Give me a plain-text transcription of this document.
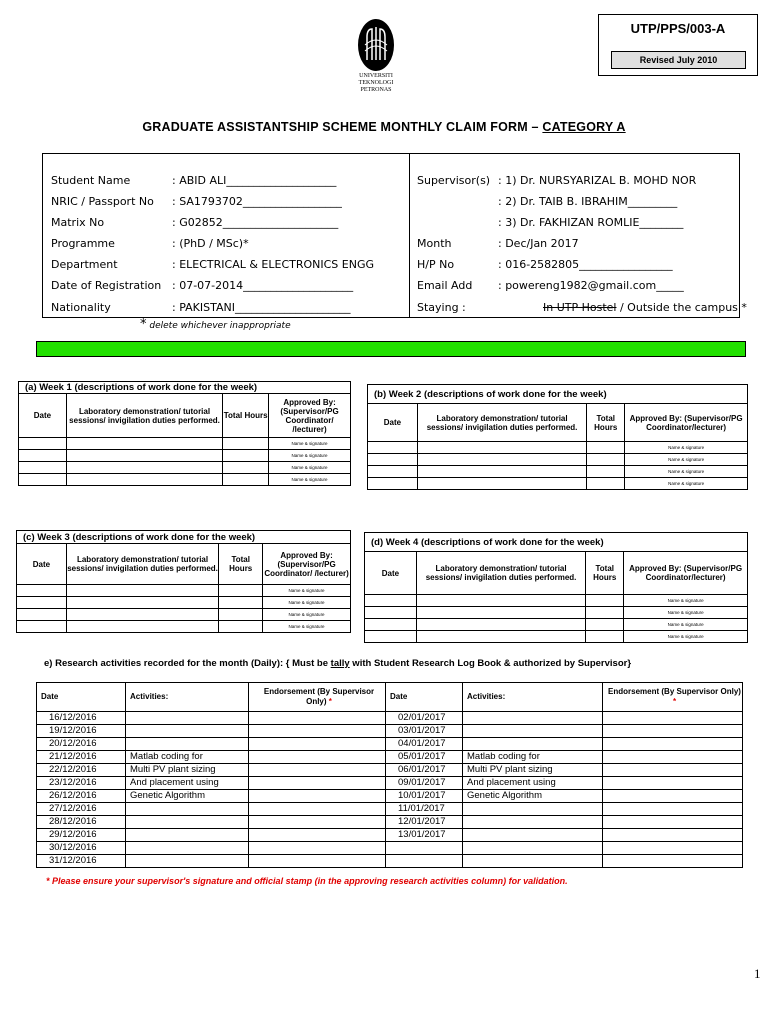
UNIVERSITI
TEKNOLOGI
PETRONAS
UTP/PPS/003-A
Revised July 2010
GRADUATE ASSISTANTSHIP SCHEME MONTHLY CLAIM FORM – CATEGORY A
Student Name	: ABID ALI____________________
NRIC / Passport No : SA1793702__________________
Matrix No	: G02852_____________________
Programme	: (PhD / MSc)*
Department	: ELECTRICAL & ELECTRONICS ENGG
Date of Registration : 07-07-2014____________________
Nationality	: PAKISTANI_____________________
Supervisor(s) : 1) Dr. NURSYARIZAL B. MOHD NOR
: 2) Dr. TAIB B. IBRAHIM_________
: 3) Dr. FAKHIZAN ROMLIE________
Month	: Dec/Jan 2017
H/P No	: 016-2582805_________________
Email Add : powereng1982@gmail.com_____
Staying :	In UTP Hostel / Outside the campus *
* delete whichever inappropriate
(a) Week 1 (descriptions of work done for the week)			
Date	Laboratory demonstration/ tutorial sessions/ invigilation duties performed.	Total Hours	Approved By: (Supervisor/PG Coordinator/ /lecturer)
			Name & signature
			Name & signature
			Name & signature
			Name & signature
(b) Week 2 (descriptions of work done for the week)			
Date	Laboratory demonstration/ tutorial sessions/ invigilation duties performed.	Total Hours	Approved By: (Supervisor/PG Coordinator/lecturer)
			Name & signature
			Name & signature
			Name & signature
			Name & signature
(c) Week 3 (descriptions of work done for the week)			
Date	Laboratory demonstration/ tutorial sessions/ invigilation duties performed.	Total Hours	Approved By: (Supervisor/PG Coordinator/ /lecturer)
			Name & signature
			Name & signature
			Name & signature
			Name & signature
(d) Week 4 (descriptions of work done for the week)			
Date	Laboratory demonstration/ tutorial sessions/ invigilation duties performed.	Total Hours	Approved By: (Supervisor/PG Coordinator/lecturer)
			Name & signature
			Name & signature
			Name & signature
			Name & signature
e) Research activities recorded for the month (Daily): { Must be tally with Student Research Log Book & authorized by Supervisor}
Date	Activities:	Endorsement (By Supervisor Only) *
16/12/2016		
19/12/2016		
20/12/2016		
21/12/2016	Matlab coding for	
22/12/2016	Multi PV plant sizing	
23/12/2016	And placement using	
26/12/2016	Genetic Algorithm	
27/12/2016		
28/12/2016		
29/12/2016		
30/12/2016		
31/12/2016		
Date	Activities:	Endorsement (By Supervisor Only) *
02/01/2017		
03/01/2017		
04/01/2017		
05/01/2017	Matlab coding for	
06/01/2017	Multi PV plant sizing	
09/01/2017	And placement using	
10/01/2017	Genetic Algorithm	
11/01/2017		
12/01/2017		
13/01/2017		

* Please ensure your supervisor's signature and official stamp (in the approving research activities column) for validation.
1
